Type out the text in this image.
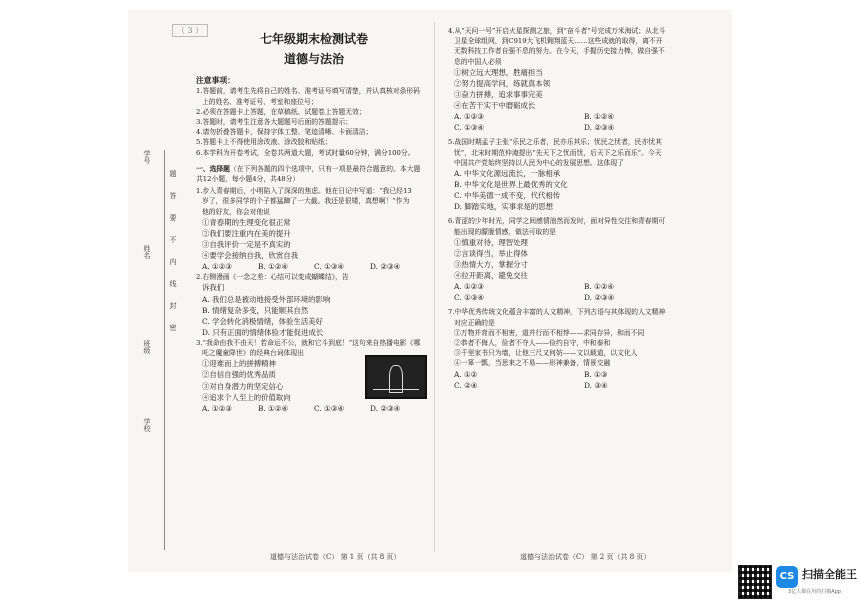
（ 3 ）
学号
姓名
班级
学校
题
答
要
不
内
线
封
密

七年级期末检测试卷

道德与法治

注意事项：

1.答题前，请考生先将自己的姓名、准考证号填写清楚，并认真核对条形码

上的姓名、准考证号、考室和座位号；

2.必须在答题卡上答题，在草稿纸、试题卷上答题无效；

3.答题时，请考生注意各大题题号后面的答题提示；

4.请勿折叠答题卡，保持字体工整、笔迹清晰、卡面清洁；

5.答题卡上不得使用涂改液、涂改胶和贴纸；

6.本学科为开卷考试，全卷共两道大题，考试时量60分钟，满分100分。

一、选择题（在下列各题的四个选项中，只有一项是最符合题意的。本大题

共12小题，每小题4分，共48分）

1.步入青春期后，小明陷入了深深的焦虑。他在日记中写道：“我已经13

岁了，很多同学的个子都猛蹿了一大截。我还是很矮，真想啊！”作为

他的好友，你会对他说

①青春期的生理变化很正常

②我们要注重内在美的提升

③自我评价一定是不真实的

④要学会接纳自我，欣赏自我

A. ①②③	B. ①②④	C. ①③④	D. ②③④

2.右侧漫画《一念之差：心结可以变成蝴蝶结》，告

诉我们

A. 我们总是被动地接受外部环境的影响

B. 情绪复杂多变，只能顺其自然

C. 学会转化消极情绪，体验生活美好

D. 只有正面的情绪体验才能促进成长

3.“我命由我不由天！若命运不公，就和它斗到底！”这句来自热播电影《哪

吒之魔童降世》的经典台词体现出

①迎难而上的拼搏精神

②自信自强的优秀品质

③对自身潜力的坚定信心

④追求个人至上的价值取向

A. ①②③	B. ①②④	C. ①③④	D. ②③④
道德与法治试卷（C） 第 1 页（共 8 页）

4.从“天问一号”开启火星探测之旅，到“奋斗者”号完成万米海试；从北斗

卫星全球组网，到C919大飞机翱翔蓝天……这些成就的取得，离不开

无数科技工作者自强不息的努力。在今天，手握历史接力棒，做自强不

息的中国人必须

①树立远大理想，胜痛担当

②努力提高学问，练就真本领

③奋力拼搏，追求事事完美

④在苦干实干中磨砺成长

A. ①②③	B. ①②④
C. ①③④	D. ②③④

5.战国时期孟子主张“乐民之乐者，民亦乐其乐；忧民之忧者，民亦忧其

忧”，北宋时期范仲淹提出“先天下之忧而忧，后天下之乐而乐”。今天

中国共产党始终坚持以人民为中心的发展思想。这体现了

A. 中华文化源远流长，一脉相承

B. 中华文化是世界上最优秀的文化

C. 中华美德一成不变，代代相传

D. 脚踏实地，实事求是的思想

6.青涩的少年时光，同学之间感情油然而发时，面对异性交往和青春期可

能出现的朦胧情感，做法可取的是

①慎重对待，理智处理

②言谈得当，举止得体

③热情大方，掌握分寸

④拉开距离，避免交往

A. ①②③	B. ①②④
C. ①③④	D. ②③④

7.中华优秀传统文化蕴含丰富的人文精神，下列古语与其体现的人文精神

对应正确的是

①万物并育而不相害，道并行而不相悖——求同存异，和而不同

②恭者不侮人，俭者不夺人——俭约自守，中和泰和

③千里家书只为墙，让他三尺又何妨——文以载道，以文化人

④一箪一瓢，当思来之不易——形神兼备，情景交融

A. ①②	B. ①③
C. ②④	D. ③④
道德与法治试卷（C） 第 2 页（共 8 页）
CS 扫描全能王
3亿人都在用的扫描App
